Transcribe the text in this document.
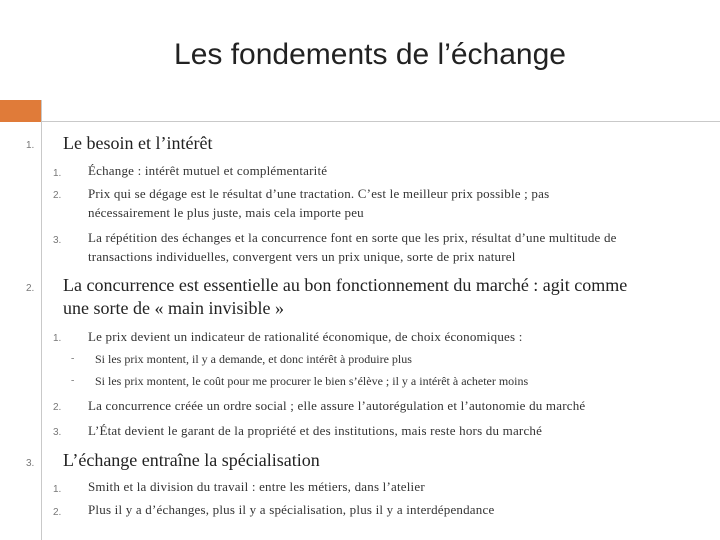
Les fondements de l’échange
1. Le besoin et l’intérêt
1. Échange : intérêt mutuel et complémentarité
2. Prix qui se dégage est le résultat d’une tractation. C’est le meilleur prix possible ; pas
nécessairement le plus juste, mais cela importe peu
3. La répétition des échanges et la concurrence font en sorte que les prix, résultat d’une multitude de
transactions individuelles, convergent vers un prix unique, sorte de prix naturel
2. La concurrence est essentielle au bon fonctionnement du marché : agit comme
une sorte de « main invisible »
1. Le prix devient un indicateur de rationalité économique, de choix économiques :
- Si les prix montent, il y a demande, et donc intérêt à produire plus
- Si les prix montent, le coût pour me procurer le bien s’élève ; il y a intérêt à acheter moins
2. La concurrence créée un ordre social ; elle assure l’autorégulation et l’autonomie du marché
3. L’État devient le garant de la propriété et des institutions, mais reste hors du marché
3. L’échange entraîne la spécialisation
1. Smith et la division du travail : entre les métiers, dans l’atelier
2. Plus il y a d’échanges, plus il y a spécialisation, plus il y a interdépendance
